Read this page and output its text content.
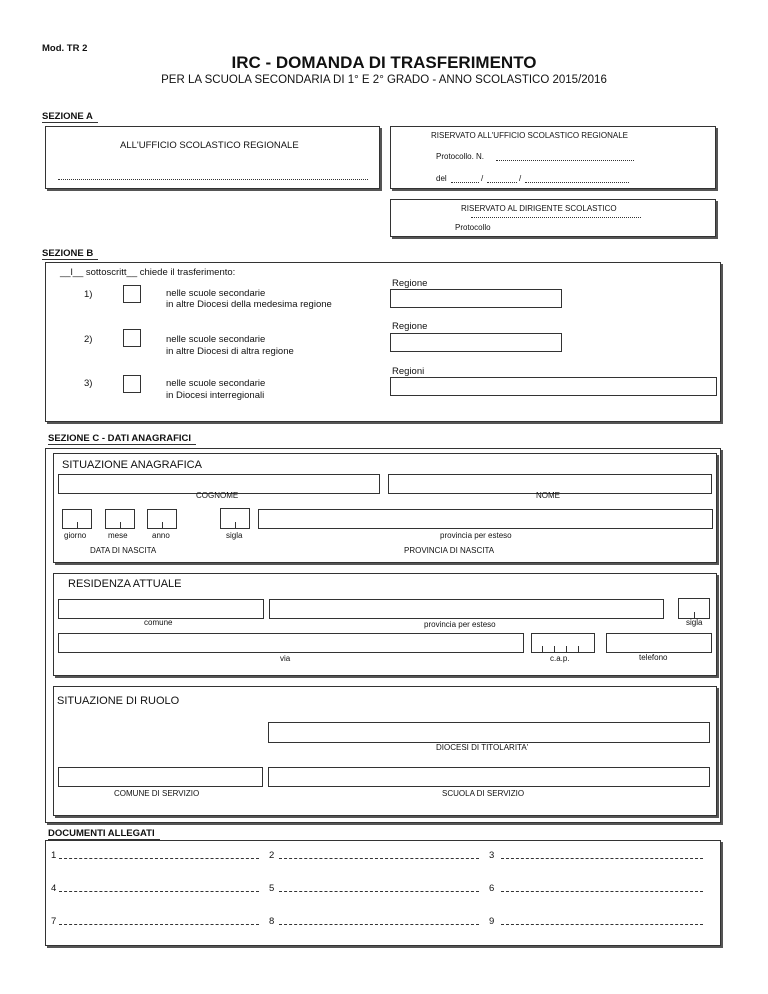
Mod. TR 2
IRC - DOMANDA DI TRASFERIMENTO
PER LA SCUOLA SECONDARIA DI 1° E 2° GRADO - ANNO SCOLASTICO 2015/2016
SEZIONE A
ALL'UFFICIO SCOLASTICO REGIONALE
RISERVATO ALL'UFFICIO SCOLASTICO REGIONALE
Protocollo. N.
del	/	/
RISERVATO AL DIRIGENTE SCOLASTICO
Protocollo
SEZIONE B
__l__ sottoscritt__ chiede il trasferimento:
1)	nelle scuole secondarie
in altre Diocesi della medesima regione
Regione
2)	nelle scuole secondarie
in altre Diocesi di altra regione
Regione
3)	nelle scuole secondarie
in Diocesi interregionali
Regioni
SEZIONE C - DATI ANAGRAFICI
SITUAZIONE ANAGRAFICA
COGNOME	NOME
giorno	mese	anno
DATA DI NASCITA
sigla	provincia per esteso
PROVINCIA DI NASCITA
RESIDENZA ATTUALE
comune	provincia per esteso	sigla
via	c.a.p.	telefono
SITUAZIONE DI RUOLO
DIOCESI DI TITOLARITA'
COMUNE DI SERVIZIO	SCUOLA DI SERVIZIO
DOCUMENTI ALLEGATI
1	2	3
4	5	6
7	8	9
